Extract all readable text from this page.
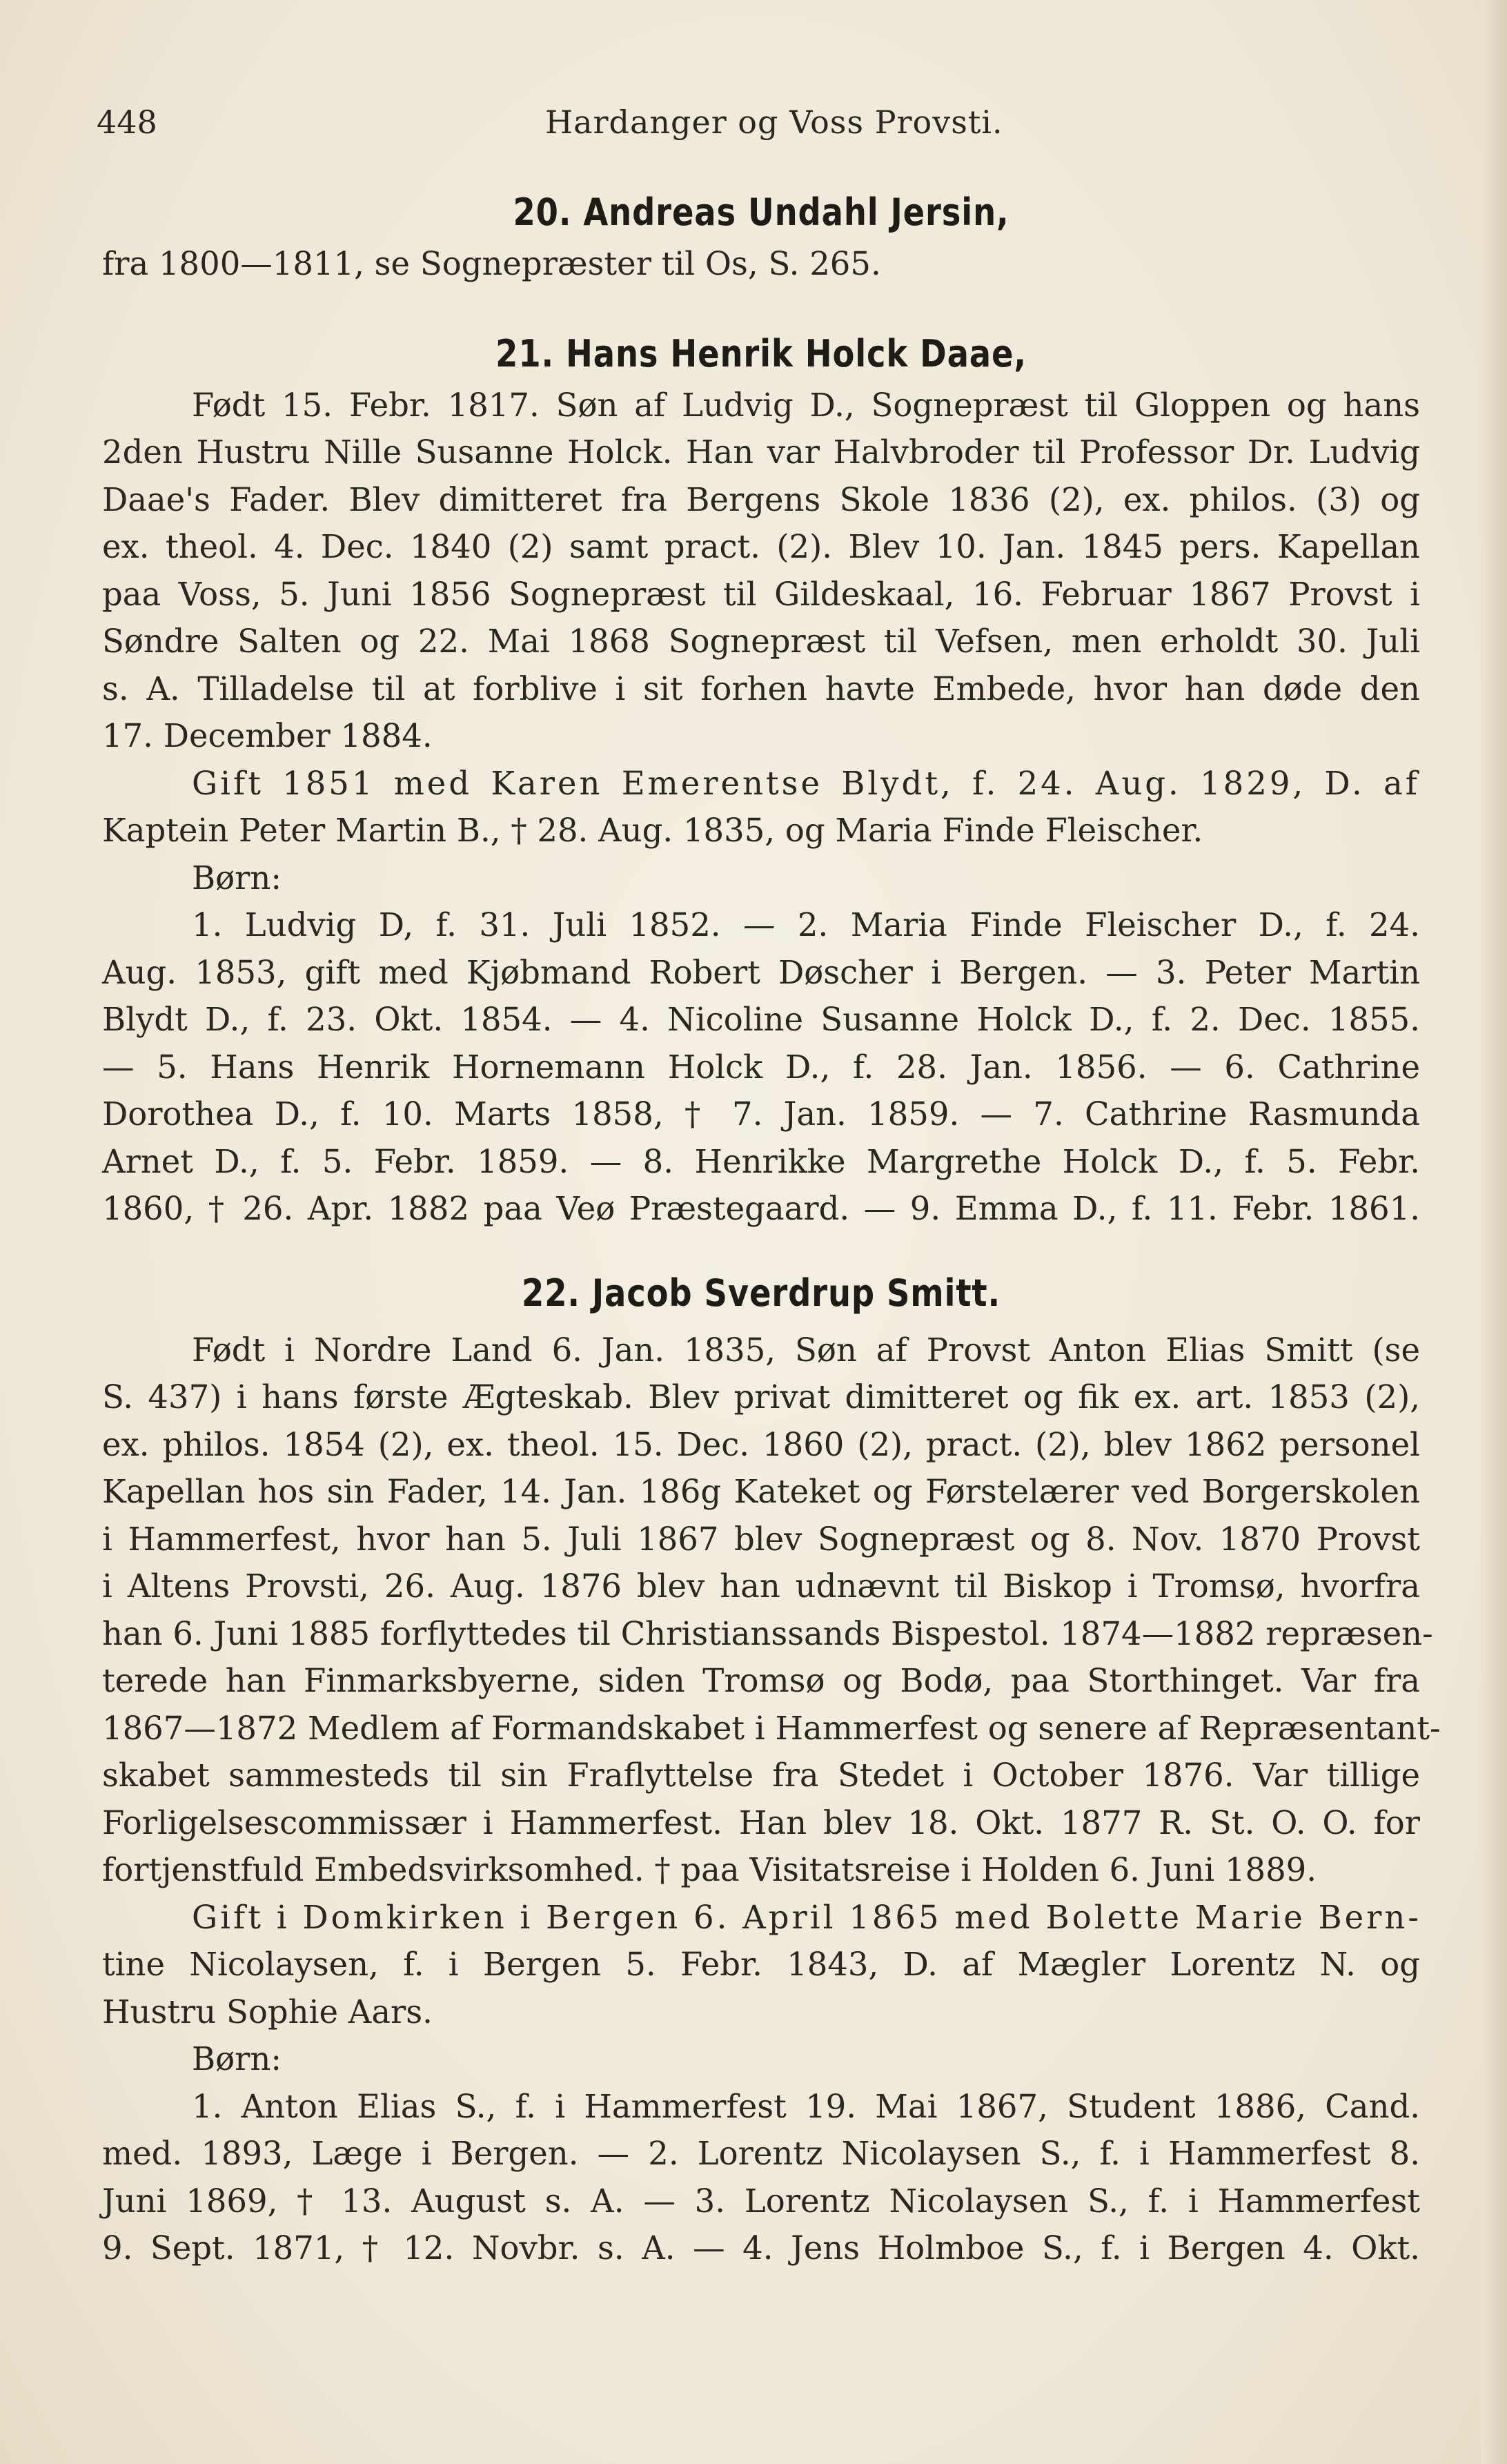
448	Hardanger og Voss Provsti.
20. Andreas Undahl Jersin,
fra 1800—1811, se Sognepræster til Os, S. 265.
21. Hans Henrik Holck Daae,
Født 15. Febr. 1817. Søn af Ludvig D., Sognepræst til Gloppen og hans
2den Hustru Nille Susanne Holck. Han var Halvbroder til Professor Dr. Ludvig
Daae's Fader. Blev dimitteret fra Bergens Skole 1836 (2), ex. philos. (3) og
ex. theol. 4. Dec. 1840 (2) samt pract. (2). Blev 10. Jan. 1845 pers. Kapellan
paa Voss, 5. Juni 1856 Sognepræst til Gildeskaal, 16. Februar 1867 Provst i
Søndre Salten og 22. Mai 1868 Sognepræst til Vefsen, men erholdt 30. Juli
s. A. Tilladelse til at forblive i sit forhen havte Embede, hvor han døde den
17. December 1884.
Gift 1851 med Karen Emerentse Blydt, f. 24. Aug. 1829, D. af
Kaptein Peter Martin B., † 28. Aug. 1835, og Maria Finde Fleischer.
Børn:
1. Ludvig D, f. 31. Juli 1852. — 2. Maria Finde Fleischer D., f. 24.
Aug. 1853, gift med Kjøbmand Robert Døscher i Bergen. — 3. Peter Martin
Blydt D., f. 23. Okt. 1854. — 4. Nicoline Susanne Holck D., f. 2. Dec. 1855.
— 5. Hans Henrik Hornemann Holck D., f. 28. Jan. 1856. — 6. Cathrine
Dorothea D., f. 10. Marts 1858, † 7. Jan. 1859. — 7. Cathrine Rasmunda
Arnet D., f. 5. Febr. 1859. — 8. Henrikke Margrethe Holck D., f. 5. Febr.
1860, † 26. Apr. 1882 paa Veø Præstegaard. — 9. Emma D., f. 11. Febr. 1861.
22. Jacob Sverdrup Smitt.
Født i Nordre Land 6. Jan. 1835, Søn af Provst Anton Elias Smitt (se
S. 437) i hans første Ægteskab. Blev privat dimitteret og fik ex. art. 1853 (2),
ex. philos. 1854 (2), ex. theol. 15. Dec. 1860 (2), pract. (2), blev 1862 personel
Kapellan hos sin Fader, 14. Jan. 186g Kateket og Førstelærer ved Borgerskolen
i Hammerfest, hvor han 5. Juli 1867 blev Sognepræst og 8. Nov. 1870 Provst
i Altens Provsti, 26. Aug. 1876 blev han udnævnt til Biskop i Tromsø, hvorfra
han 6. Juni 1885 forflyttedes til Christianssands Bispestol. 1874—1882 repræsen-
terede han Finmarksbyerne, siden Tromsø og Bodø, paa Storthinget. Var fra
1867—1872 Medlem af Formandskabet i Hammerfest og senere af Repræsentant-
skabet sammesteds til sin Fraflyttelse fra Stedet i October 1876. Var tillige
Forligelsescommissær i Hammerfest. Han blev 18. Okt. 1877 R. St. O. O. for
fortjenstfuld Embedsvirksomhed. † paa Visitatsreise i Holden 6. Juni 1889.
Gift i Domkirken i Bergen 6. April 1865 med Bolette Marie Bern-
tine Nicolaysen, f. i Bergen 5. Febr. 1843, D. af Mægler Lorentz N. og
Hustru Sophie Aars.
Børn:
1. Anton Elias S., f. i Hammerfest 19. Mai 1867, Student 1886, Cand.
med. 1893, Læge i Bergen. — 2. Lorentz Nicolaysen S., f. i Hammerfest 8.
Juni 1869, † 13. August s. A. — 3. Lorentz Nicolaysen S., f. i Hammerfest
9. Sept. 1871, † 12. Novbr. s. A. — 4. Jens Holmboe S., f. i Bergen 4. Okt.
